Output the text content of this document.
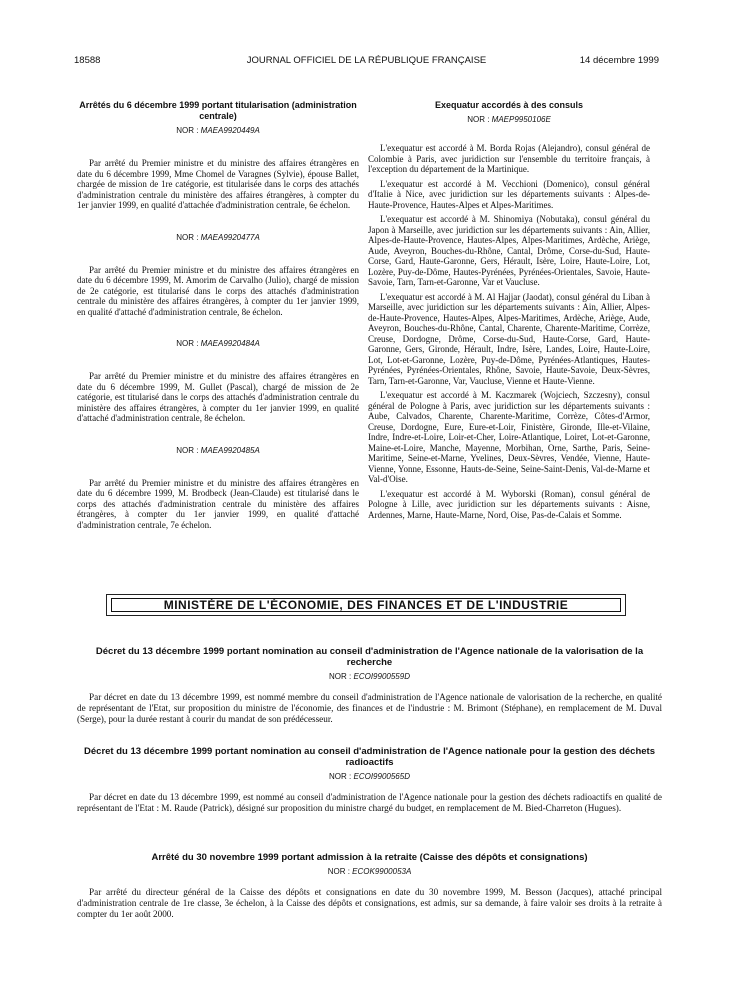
18588	JOURNAL OFFICIEL DE LA RÉPUBLIQUE FRANÇAISE	14 décembre 1999

Arrêtés du 6 décembre 1999 portant titularisation (administration centrale)

NOR : MAEA9920449A

Par arrêté du Premier ministre et du ministre des affaires étrangères en date du 6 décembre 1999, Mme Chomel de Varagnes (Sylvie), épouse Ballet, chargée de mission de 1re catégorie, est titularisée dans le corps des attachés d'administration centrale du ministère des affaires étrangères, à compter du 1er janvier 1999, en qualité d'attachée d'administration centrale, 6e échelon.

NOR : MAEA9920477A

Par arrêté du Premier ministre et du ministre des affaires étrangères en date du 6 décembre 1999, M. Amorim de Carvalho (Julio), chargé de mission de 2e catégorie, est titularisé dans le corps des attachés d'administration centrale du ministère des affaires étrangères, à compter du 1er janvier 1999, en qualité d'attaché d'administration centrale, 8e échelon.

NOR : MAEA9920484A

Par arrêté du Premier ministre et du ministre des affaires étrangères en date du 6 décembre 1999, M. Gullet (Pascal), chargé de mission de 2e catégorie, est titularisé dans le corps des attachés d'administration centrale du ministère des affaires étrangères, à compter du 1er janvier 1999, en qualité d'attaché d'administration centrale, 8e échelon.

NOR : MAEA9920485A

Par arrêté du Premier ministre et du ministre des affaires étrangères en date du 6 décembre 1999, M. Brodbeck (Jean-Claude) est titularisé dans le corps des attachés d'administration centrale du ministère des affaires étrangères, à compter du 1er janvier 1999, en qualité d'attaché d'administration centrale, 7e échelon.

Exequatur accordés à des consuls

NOR : MAEP9950106E

L'exequatur est accordé à M. Borda Rojas (Alejandro), consul général de Colombie à Paris, avec juridiction sur l'ensemble du territoire français, à l'exception du département de la Martinique.

L'exequatur est accordé à M. Vecchioni (Domenico), consul général d'Italie à Nice, avec juridiction sur les départements suivants : Alpes-de-Haute-Provence, Hautes-Alpes et Alpes-Maritimes.

L'exequatur est accordé à M. Shinomiya (Nobutaka), consul général du Japon à Marseille, avec juridiction sur les départements suivants : Ain, Allier, Alpes-de-Haute-Provence, Hautes-Alpes, Alpes-Maritimes, Ardèche, Ariège, Aude, Aveyron, Bouches-du-Rhône, Cantal, Drôme, Corse-du-Sud, Haute-Corse, Gard, Haute-Garonne, Gers, Hérault, Isère, Loire, Haute-Loire, Lot, Lozère, Puy-de-Dôme, Hautes-Pyrénées, Pyrénées-Orientales, Savoie, Haute-Savoie, Tarn, Tarn-et-Garonne, Var et Vaucluse.

L'exequatur est accordé à M. Al Hajjar (Jaodat), consul général du Liban à Marseille, avec juridiction sur les départements suivants : Ain, Allier, Alpes-de-Haute-Provence, Hautes-Alpes, Alpes-Maritimes, Ardèche, Ariège, Aude, Aveyron, Bouches-du-Rhône, Cantal, Charente, Charente-Maritime, Corrèze, Creuse, Dordogne, Drôme, Corse-du-Sud, Haute-Corse, Gard, Haute-Garonne, Gers, Gironde, Hérault, Indre, Isère, Landes, Loire, Haute-Loire, Lot, Lot-et-Garonne, Lozère, Puy-de-Dôme, Pyrénées-Atlantiques, Hautes-Pyrénées, Pyrénées-Orientales, Rhône, Savoie, Haute-Savoie, Deux-Sèvres, Tarn, Tarn-et-Garonne, Var, Vaucluse, Vienne et Haute-Vienne.

L'exequatur est accordé à M. Kaczmarek (Wojciech, Szczesny), consul général de Pologne à Paris, avec juridiction sur les départements suivants : Aube, Calvados, Charente, Charente-Maritime, Corrèze, Côtes-d'Armor, Creuse, Dordogne, Eure, Eure-et-Loir, Finistère, Gironde, Ille-et-Vilaine, Indre, Indre-et-Loire, Loir-et-Cher, Loire-Atlantique, Loiret, Lot-et-Garonne, Maine-et-Loire, Manche, Mayenne, Morbihan, Orne, Sarthe, Paris, Seine-Maritime, Seine-et-Marne, Yvelines, Deux-Sèvres, Vendée, Vienne, Haute-Vienne, Yonne, Essonne, Hauts-de-Seine, Seine-Saint-Denis, Val-de-Marne et Val-d'Oise.

L'exequatur est accordé à M. Wyborski (Roman), consul général de Pologne à Lille, avec juridiction sur les départements suivants : Aisne, Ardennes, Marne, Haute-Marne, Nord, Oise, Pas-de-Calais et Somme.

MINISTÈRE DE L'ÉCONOMIE, DES FINANCES ET DE L'INDUSTRIE

Décret du 13 décembre 1999 portant nomination au conseil d'administration de l'Agence nationale de la valorisation de la recherche

NOR : ECOI9900559D

Par décret en date du 13 décembre 1999, est nommé membre du conseil d'administration de l'Agence nationale de valorisation de la recherche, en qualité de représentant de l'Etat, sur proposition du ministre de l'économie, des finances et de l'industrie : M. Brimont (Stéphane), en remplacement de M. Duval (Serge), pour la durée restant à courir du mandat de son prédécesseur.

Décret du 13 décembre 1999 portant nomination au conseil d'administration de l'Agence nationale pour la gestion des déchets radioactifs

NOR : ECOI9900565D

Par décret en date du 13 décembre 1999, est nommé au conseil d'administration de l'Agence nationale pour la gestion des déchets radioactifs en qualité de représentant de l'Etat : M. Raude (Patrick), désigné sur proposition du ministre chargé du budget, en remplacement de M. Bied-Charreton (Hugues).

Arrêté du 30 novembre 1999 portant admission à la retraite (Caisse des dépôts et consignations)

NOR : ECOK9900053A

Par arrêté du directeur général de la Caisse des dépôts et consignations en date du 30 novembre 1999, M. Besson (Jacques), attaché principal d'administration centrale de 1re classe, 3e échelon, à la Caisse des dépôts et consignations, est admis, sur sa demande, à faire valoir ses droits à la retraite à compter du 1er août 2000.
